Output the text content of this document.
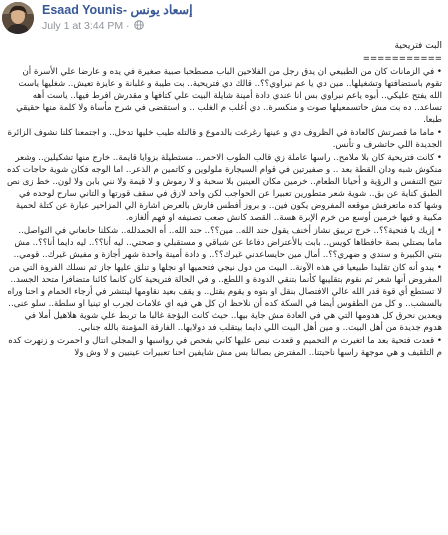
Esaad Younis- إسعاد يونس
July 1 at 3:44 PM ·

البت فتريحية

===========

• في الزمانات كان من الطبيعي ان يدق رجل من الفلاحين الباب مصطحبا صبية صغيرة في يده و عارضا علي الأسرة أن تقوم باستضافتها وتشغيلها.. مين دي يا عم نبراوي؟؟.. قالك دي فتريحية.. بت طيبة و غلبانة و عايزة تعيش.. شغليها ياست الله يفتح عليكي.. أبوه ياعم نبراوي بس انا عندي دادة أمينة شايلة البيت علي كتافها و مقدرش افرط فيها.. ياست أهه تساعد.. ده بت مش حاتسمعيلها صوت و منكسرة.. دي أغلب م الغلب .. و استقضى في شرح مأساة ولا كلمة منها حقيقي طبعا.

• ماما ما قصرتش كالعادة في الظروف دي و عينها رغرغت بالدموع و قالتله طيب خليها تدخل.. و اجتمعنا كلنا نشوف الزائرة الجديدة اللي حاتشرف و تأنس.

• كانت فتريحية كان بلا ملامح.. راسها عاملة زي قالب الطوب الاحمر.. مستطيلة بزوايا قايمة.. خارج منها تشكيلين.. وشعر منكوش شبه ودان القطة بعد .. و صفيرتين في قوام السيجارة ملولوين و كاتمين م الذعر.. اما الوجه فكان شوية حاجات كده تتيح التنفس و الرؤية و أحيانا الطعام.. خرمين مكان العينين بلا سحبة و لا رموش و لا قيمة ولا نني بابن ولا لون.. خط زى نص الطبق كناية عن بق.. شوية شعر متطورين تعبيرا عن الحواجب لكن واحد لازق في سقف قورتها و التاني سارح لوحده في وشها كده ماتعرفش موقعه المفروض يكون فين.. و بروز أفطس فارش بالعرض اشارة الي المزاحير عبارة عن كتلة لحمية مكبية و فيها خرمين أوسع من خرم الإبرة هسة.. القصد كانش صعب تصنيفه او فهم ألغازه.

• إزيك يا فتحية؟؟.. خرج تربيق نشاز أخنف يقول حند الله.. مين؟؟.. حند الله.. أه الحمدلله.. شكلنا حانعاني في التواصل.. ماما بصتلي بصة حافطاها كويس.. بابت بالأعتراض دفاعا عن شباقي و مستقبلي و صحتي.. ليه أنا؟؟.. ليه دايما أنا؟؟.. مش بنتي الكبيرة و سندي و ضهري؟؟.. أمال مين حايساعدني غيرك؟؟.. و دادة أمينة واحدة شهر أجازة و مفيش غيرك.. قومي..

• يبدو أنه كان تقليدا طبيعيا في هذه الآونة.. البيت من دول نيجي فتحميها او نجلها و تنلق عليها جاز ثم نسلك الفروة التي من المفروض أنها شعر ثم نقوم بتقليبها كأنما بتنقي الدودة و اللطع.. و في الحالة فتريحية كان كانما كائنا متضافرا متحد الجسد.. لا تستطع أي قوة قدر الله عالي الافتصال بنقل او بتوه و يقوم بقتل.. و يقف بعيد نقاومها لينتشر في أرجاء الحمام و احنا وراه بالسشب.. و كل من الطقوس أيضا في السكة كده أن نلاحظ ان كل هي فيه اي علامات لجرب او تينيا او سلطة.. سلو عنى.. ويعدين نحرق كل هدومها التي هي في العادة مش جاية بيها.. حيث كانت البؤجة غالبا ما تربط علي شوية هلاهيل أملا في هدوم جديدة من أهل البيت.. و مين أهل البيت اللي دايما بيتقلب فد دولابها.. الفارقة المؤمنة بالله جنابي.

• قعدت فتحية بعد ما اتغيرت م التحميم و قعدت نبص عليها كاني بفحص في رواسبها و المجلى انتال و احمرت و زنهرت كده م التلقيف و هي موجهة راسها ناحيتنا.. المفترض بصالنا بس مش شايفين احنا تعبيرات عينيين و لا وش ولا
